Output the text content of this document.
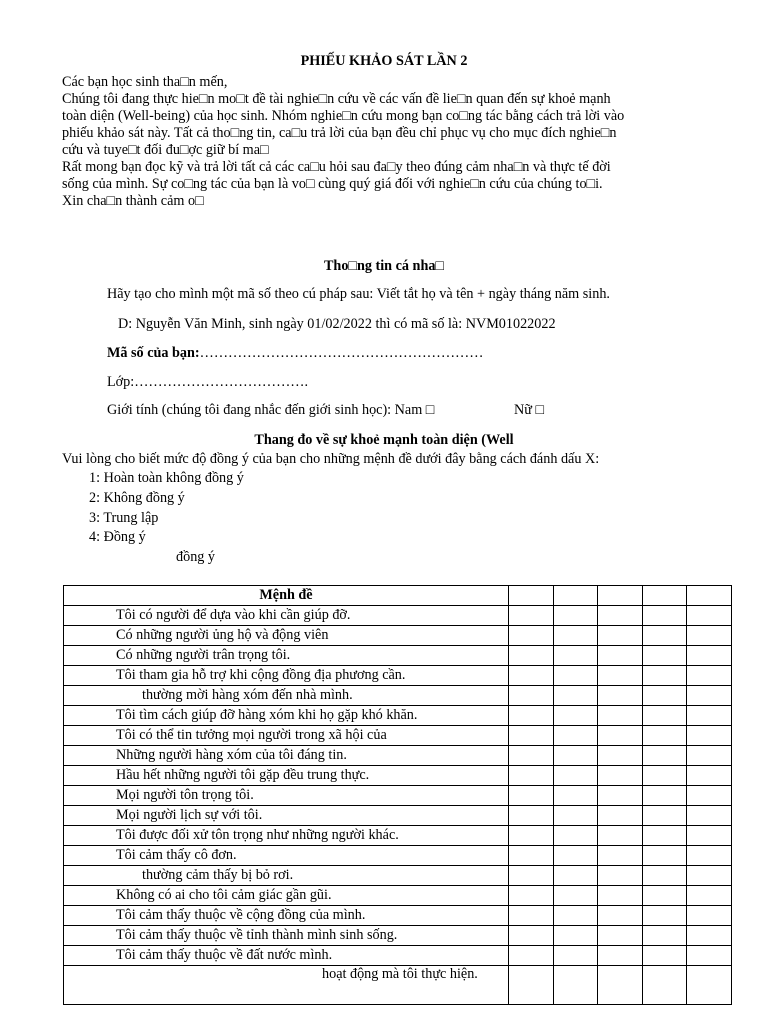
PHIẾU KHẢO SÁT LẦN 2
Các bạn học sinh tha□n mến,
Chúng tôi đang thực hie□n mo□t đề tài nghie□n cứu về các vấn đề lie□n quan đến sự khoẻ mạnh
toàn diện (Well-being) của học sinh. Nhóm nghie□n cứu mong bạn co□ng tác bằng cách trả lời vào
phiếu khảo sát này. Tất cả tho□ng tin, ca□u trả lời của bạn đều chỉ phục vụ cho mục đích nghie□n
cứu và tuye□t đối đu□ợc giữ bí ma□
Rất mong bạn đọc kỹ và trả lời tất cả các ca□u hỏi sau đa□y theo đúng cảm nha□n và thực tế đời
sống của mình. Sự co□ng tác của bạn là vo□ cùng quý giá đối với nghie□n cứu của chúng to□i.
Xin cha□n thành cảm o□
Tho□ng tin cá nha□
Hãy tạo cho mình một mã số theo cú pháp sau: Viết tắt họ và tên + ngày tháng năm sinh.
D: Nguyễn Văn Minh, sinh ngày 01/02/2022 thì có mã số là: NVM01022022
Mã số của bạn:……………………………………………………
Lớp:……………………………….
Giới tính (chúng tôi đang nhắc đến giới sinh học): Nam □	Nữ □
Thang đo về sự khoẻ mạnh toàn diện (Well
Vui lòng cho biết mức độ đồng ý của bạn cho những mệnh đề dưới đây bằng cách đánh dấu X:
1: Hoàn toàn không đồng ý
2: Không đồng ý
3: Trung lập
4: Đồng ý
đồng ý
Mệnh đề					
Tôi có người để dựa vào khi cần giúp đỡ.					
Có những người ủng hộ và động viên					
Có những người trân trọng tôi.					
Tôi tham gia hỗ trợ khi cộng đồng địa phương cần.					
thường mời hàng xóm đến nhà mình.					
Tôi tìm cách giúp đỡ hàng xóm khi họ gặp khó khăn.					
Tôi có thể tin tưởng mọi người trong xã hội của					
Những người hàng xóm của tôi đáng tin.					
Hầu hết những người tôi gặp đều trung thực.					
Mọi người tôn trọng tôi.					
Mọi người lịch sự với tôi.					
Tôi được đối xử tôn trọng như những người khác.					
Tôi cảm thấy cô đơn.					
thường cảm thấy bị bỏ rơi.					
Không có ai cho tôi cảm giác gần gũi.					
Tôi cảm thấy thuộc về cộng đồng của mình.					
Tôi cảm thấy thuộc về tỉnh thành mình sinh sống.					
Tôi cảm thấy thuộc về đất nước mình.					
hoạt động mà tôi thực hiện.					
